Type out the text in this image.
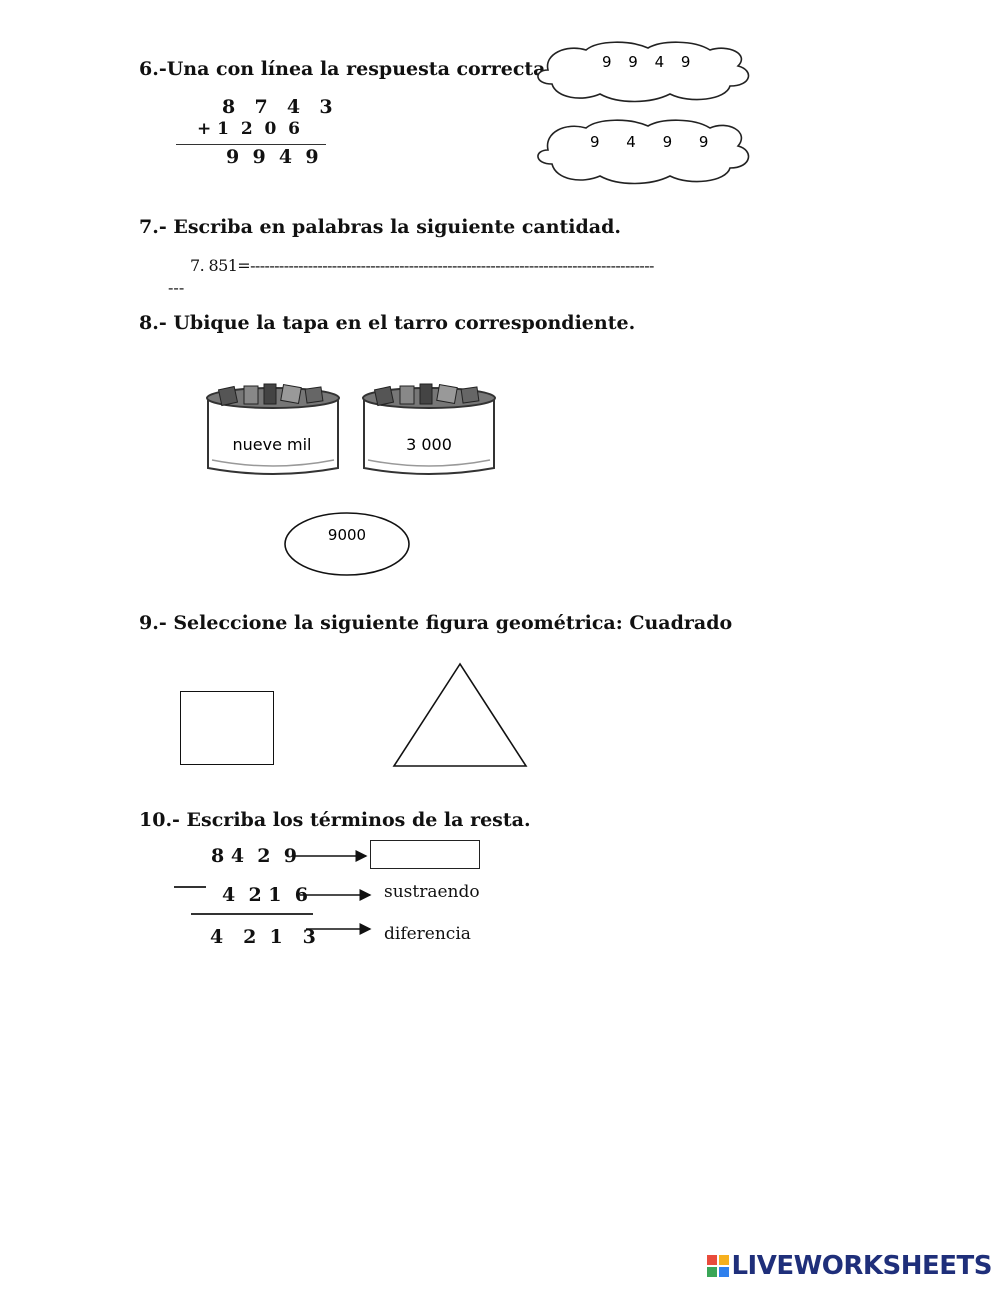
6.-Una con línea la respuesta correcta
8  7  4  3
+ 1  2  0  6
9  9  4  9
9 9 4 9
9 4 9 9
7.- Escriba en palabras la siguiente cantidad.
7. 851=------------------------------------------------------------------------------------
---
8.- Ubique la tapa en el tarro correspondiente.
nueve mil	3 000
9000
9.- Seleccione la siguiente figura geométrica: Cuadrado
10.- Escriba los términos de la resta.
8 4  2  9
4  2 1  6
4   2  1   3
sustraendo
diferencia
LIVEWORKSHEETS
